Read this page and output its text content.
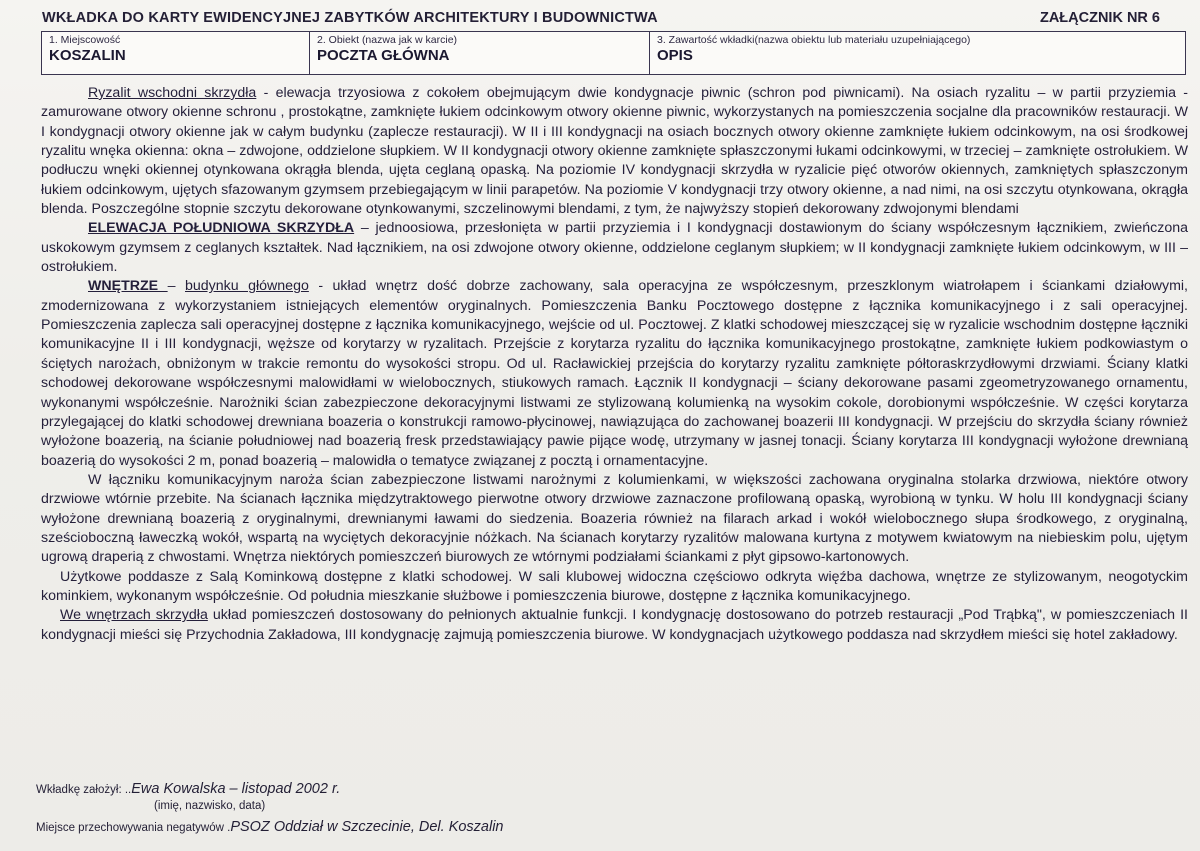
WKŁADKA DO KARTY EWIDENCYJNEJ ZABYTKÓW ARCHITEKTURY I BUDOWNICTWA	ZAŁĄCZNIK NR 6
1. Miejscowość
KOSZALIN
2. Obiekt (nazwa jak w karcie)
POCZTA GŁÓWNA
3. Zawartość wkładki(nazwa obiektu lub materiału uzupełniającego)
OPIS

Ryzalit wschodni skrzydła - elewacja trzyosiowa z cokołem obejmującym dwie kondygnacje piwnic (schron pod piwnicami). Na osiach ryzalitu – w partii przyziemia - zamurowane otwory okienne schronu , prostokątne, zamknięte łukiem odcinkowym otwory okienne piwnic, wykorzystanych na pomieszczenia socjalne dla pracowników restauracji. W I kondygnacji otwory okienne jak w całym budynku (zaplecze restauracji). W II i III kondygnacji na osiach bocznych otwory okienne zamknięte łukiem odcinkowym, na osi środkowej ryzalitu wnęka okienna: okna – zdwojone, oddzielone słupkiem. W II kondygnacji otwory okienne zamknięte spłaszczonymi łukami odcinkowymi, w trzeciej – zamknięte ostrołukiem. W podłuczu wnęki okiennej otynkowana okrągła blenda, ujęta ceglaną opaską. Na poziomie IV kondygnacji skrzydła w ryzalicie pięć otworów okiennych, zamkniętych spłaszczonym łukiem odcinkowym, ujętych sfazowanym gzymsem przebiegającym w linii parapetów. Na poziomie V kondygnacji trzy otwory okienne, a nad nimi, na osi szczytu otynkowana, okrągła blenda. Poszczególne stopnie szczytu dekorowane otynkowanymi, szczelinowymi blendami, z tym, że najwyższy stopień dekorowany zdwojonymi blendami

ELEWACJA POŁUDNIOWA SKRZYDŁA – jednoosiowa, przesłonięta w partii przyziemia i I kondygnacji dostawionym do ściany współczesnym łącznikiem, zwieńczona uskokowym gzymsem z ceglanych kształtek. Nad łącznikiem, na osi zdwojone otwory okienne, oddzielone ceglanym słupkiem; w II kondygnacji zamknięte łukiem odcinkowym, w III – ostrołukiem.

WNĘTRZE – budynku głównego - układ wnętrz dość dobrze zachowany, sala operacyjna ze współczesnym, przeszklonym wiatrołapem i ściankami działowymi, zmodernizowana z wykorzystaniem istniejących elementów oryginalnych. Pomieszczenia Banku Pocztowego dostępne z łącznika komunikacyjnego i z sali operacyjnej. Pomieszczenia zaplecza sali operacyjnej dostępne z łącznika komunikacyjnego, wejście od ul. Pocztowej. Z klatki schodowej mieszczącej się w ryzalicie wschodnim dostępne łączniki komunikacyjne II i III kondygnacji, węższe od korytarzy w ryzalitach. Przejście z korytarza ryzalitu do łącznika komunikacyjnego prostokątne, zamknięte łukiem podkowiastym o ściętych narożach, obniżonym w trakcie remontu do wysokości stropu. Od ul. Racławickiej przejścia do korytarzy ryzalitu zamknięte półtoraskrzydłowymi drzwiami. Ściany klatki schodowej dekorowane współczesnymi malowidłami w wielobocznych, stiukowych ramach. Łącznik II kondygnacji – ściany dekorowane pasami zgeometryzowanego ornamentu, wykonanymi współcześnie. Narożniki ścian zabezpieczone dekoracyjnymi listwami ze stylizowaną kolumienką na wysokim cokole, dorobionymi współcześnie. W części korytarza przylegającej do klatki schodowej drewniana boazeria o konstrukcji ramowo-płycinowej, nawiązująca do zachowanej boazerii III kondygnacji. W przejściu do skrzydła ściany również wyłożone boazerią, na ścianie południowej nad boazerią fresk przedstawiający pawie pijące wodę, utrzymany w jasnej tonacji. Ściany korytarza III kondygnacji wyłożone drewnianą boazerią do wysokości 2 m, ponad boazerią – malowidła o tematyce związanej z pocztą i ornamentacyjne.

W łączniku komunikacyjnym naroża ścian zabezpieczone listwami narożnymi z kolumienkami, w większości zachowana oryginalna stolarka drzwiowa, niektóre otwory drzwiowe wtórnie przebite. Na ścianach łącznika międzytraktowego pierwotne otwory drzwiowe zaznaczone profilowaną opaską, wyrobioną w tynku. W holu III kondygnacji ściany wyłożone drewnianą boazerią z oryginalnymi, drewnianymi ławami do siedzenia. Boazeria również na filarach arkad i wokół wielobocznego słupa środkowego, z oryginalną, sześcioboczną ławeczką wokół, wspartą na wyciętych dekoracyjnie nóżkach. Na ścianach korytarzy ryzalitów malowana kurtyna z motywem kwiatowym na niebieskim polu, ujętym ugrową draperią z chwostami. Wnętrza niektórych pomieszczeń biurowych ze wtórnymi podziałami ściankami z płyt gipsowo-kartonowych.

Użytkowe poddasze z Salą Kominkową dostępne z klatki schodowej. W sali klubowej widoczna częściowo odkryta więźba dachowa, wnętrze ze stylizowanym, neogotyckim kominkiem, wykonanym współcześnie. Od południa mieszkanie służbowe i pomieszczenia biurowe, dostępne z łącznika komunikacyjnego.

We wnętrzach skrzydła układ pomieszczeń dostosowany do pełnionych aktualnie funkcji. I kondygnację dostosowano do potrzeb restauracji „Pod Trąbką", w pomieszczeniach II kondygnacji mieści się Przychodnia Zakładowa, III kondygnację zajmują pomieszczenia biurowe. W kondygnacjach użytkowego poddasza nad skrzydłem mieści się hotel zakładowy.

Wkładkę założył: ..Ewa Kowalska – listopad 2002 r.
(imię, nazwisko, data)
Miejsce przechowywania negatywów .PSOZ Oddział w Szczecinie, Del. Koszalin
